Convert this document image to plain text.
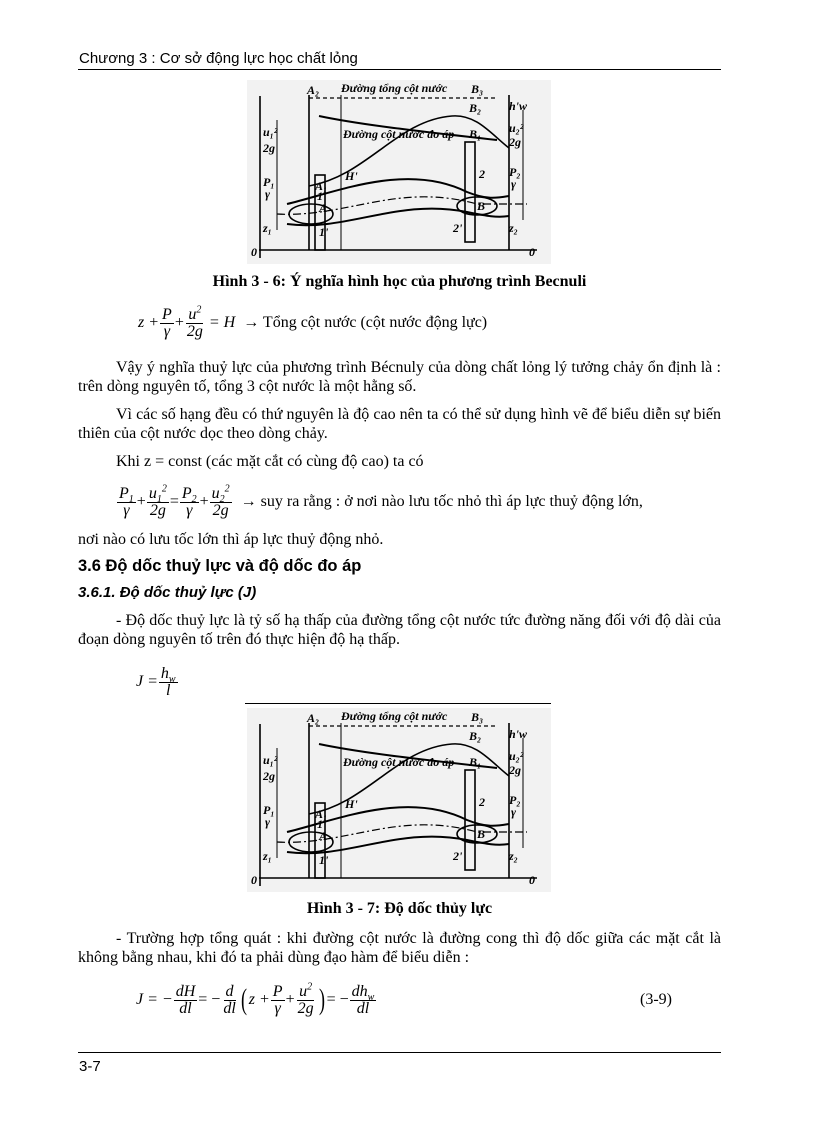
Chương 3 : Cơ sở động lực học chất lỏng
A₂ Đường tổng cột nước B₃
Đường cột nước đo áp
B₂
B₁
A₁
H'
A	B
1
2
1'	2'
0	0
z₁	z₂
u₁²
2g
P₁
γ
h'w
u₂²
2g
P₂
γ
Hình 3 - 6: Ý nghĩa hình học của phương trình Becnuli
$z + \frac{P}{\gamma} + \frac{u^2}{2g} = H$ → Tổng cột nước (cột nước động lực)
Vậy ý nghĩa thuỷ lực của phương trình Bécnuly của dòng chất lỏng lý tưởng chảy ổn định là : trên dòng nguyên tố, tổng 3 cột nước là một hằng số.
Vì các số hạng đều có thứ nguyên là độ cao nên ta có thể sử dụng hình vẽ để biểu diễn sự biến thiên của cột nước dọc theo dòng chảy.
Khi z = const (các mặt cắt có cùng độ cao) ta có
$\frac{P_1}{\gamma} + \frac{u_1^2}{2g} = \frac{P_2}{\gamma} + \frac{u_2^2}{2g}$ → suy ra rằng : ở nơi nào lưu tốc nhỏ thì áp lực thuỷ động lớn,
nơi nào có lưu tốc lớn thì áp lực thuỷ động nhỏ.
3.6 Độ dốc thuỷ lực và độ dốc đo áp
3.6.1. Độ dốc thuỷ lực (J)
- Độ dốc thuỷ lực là tỷ số hạ thấp của đường tổng cột nước tức đường năng đối với độ dài của đoạn dòng nguyên tố trên đó thực hiện độ hạ thấp.
$J = \frac{h_w}{l}$
A₂ Đường tổng cột nước B₃
Đường cột nước đo áp
B₂
B₁
A₁
H'
A	B
1
2
1'	2'
0	0
z₁	z₂
u₁²
2g
P₁
γ
h'w
u₂²
2g
P₂
γ
Hình 3 - 7: Độ dốc thủy lực
- Trường hợp tổng quát : khi đường cột nước là đường cong thì độ dốc giữa các mặt cắt là không bằng nhau, khi đó ta phải dùng đạo hàm để biểu diễn :
J = − $\frac{dH}{dl}$ = − $\frac{d}{dl}$ ( $z + \frac{P}{\gamma} + \frac{u^2}{2g}$ ) = − $\frac{dh_w}{dl}$	(3-9)
3-7
